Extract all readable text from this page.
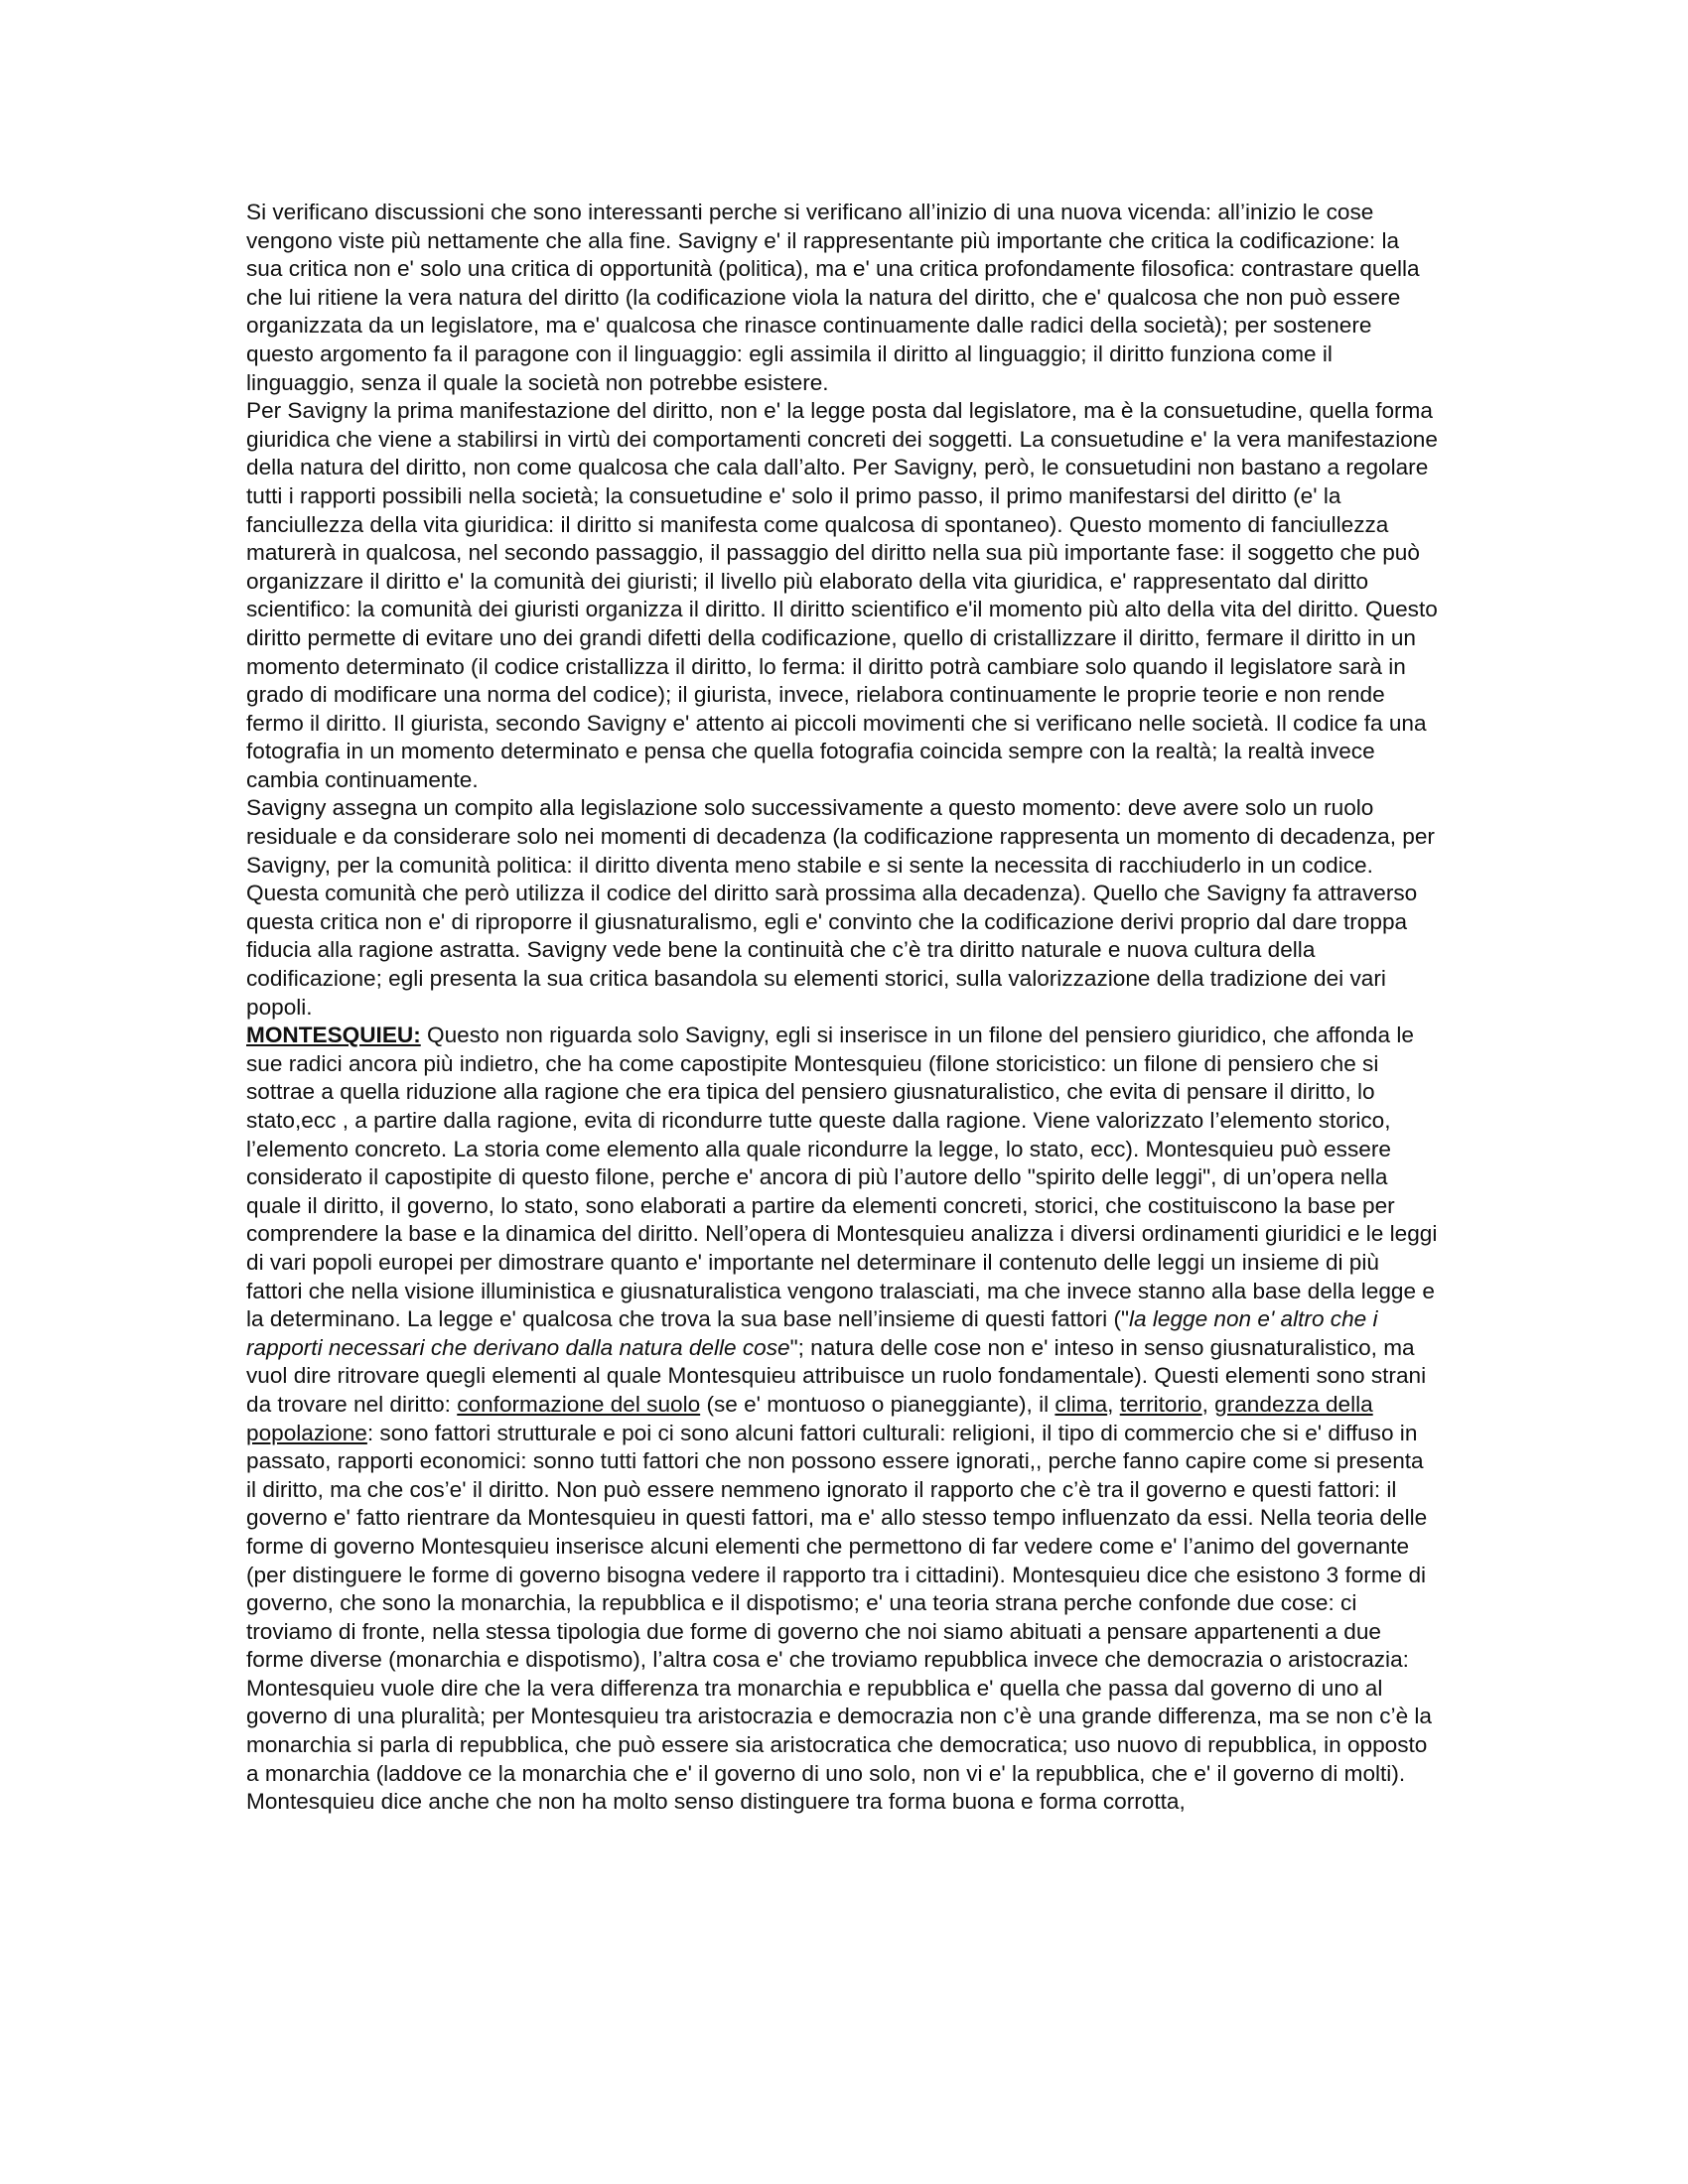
Si verificano discussioni che sono interessanti perche si verificano all’inizio di una nuova vicenda: all’inizio le cose vengono viste più nettamente che alla fine. Savigny e' il rappresentante più importante che critica la codificazione: la sua critica non e' solo una critica di opportunità (politica), ma e' una critica profondamente filosofica: contrastare quella che lui ritiene la vera natura del diritto (la codificazione viola la natura del diritto, che e' qualcosa che non può essere organizzata da un legislatore, ma e' qualcosa che rinasce continuamente dalle radici della società); per sostenere questo argomento fa il paragone con il linguaggio: egli assimila il diritto al linguaggio; il diritto funziona come il linguaggio, senza il quale la società non potrebbe esistere.

Per Savigny la prima manifestazione del diritto, non e' la legge posta dal legislatore, ma è la consuetudine, quella forma giuridica che viene a stabilirsi in virtù dei comportamenti concreti dei soggetti. La consuetudine e' la vera manifestazione della natura del diritto, non come qualcosa che cala dall’alto. Per Savigny, però, le consuetudini non bastano a regolare tutti i rapporti possibili nella società; la consuetudine e' solo il primo passo, il primo manifestarsi del diritto (e' la fanciullezza della vita giuridica: il diritto si manifesta come qualcosa di spontaneo). Questo momento di fanciullezza maturerà in qualcosa, nel secondo passaggio, il passaggio del diritto nella sua più importante fase: il soggetto che può organizzare il diritto e' la comunità dei giuristi; il livello più elaborato della vita giuridica, e' rappresentato dal diritto scientifico: la comunità dei giuristi organizza il diritto. Il diritto scientifico e'il momento più alto della vita del diritto. Questo diritto permette di evitare uno dei grandi difetti della codificazione, quello di cristallizzare il diritto, fermare il diritto in un momento determinato (il codice cristallizza il diritto, lo ferma: il diritto potrà cambiare solo quando il legislatore sarà in grado di modificare una norma del codice); il giurista, invece, rielabora continuamente le proprie teorie e non rende fermo il diritto. Il giurista, secondo Savigny e' attento ai piccoli movimenti che si verificano nelle società. Il codice fa una fotografia in un momento determinato e pensa che quella fotografia coincida sempre con la realtà; la realtà invece cambia continuamente.

Savigny assegna un compito alla legislazione solo successivamente a questo momento: deve avere solo un ruolo residuale e da considerare solo nei momenti di decadenza (la codificazione rappresenta un momento di decadenza, per Savigny, per la comunità politica: il diritto diventa meno stabile e si sente la necessita di racchiuderlo in un codice. Questa comunità che però utilizza il codice del diritto sarà prossima alla decadenza). Quello che Savigny fa attraverso questa critica non e' di riproporre il giusnaturalismo, egli e' convinto che la codificazione derivi proprio dal dare troppa fiducia alla ragione astratta. Savigny vede bene la continuità che c’è tra diritto naturale e nuova cultura della codificazione; egli presenta la sua critica basandola su elementi storici, sulla valorizzazione della tradizione dei vari popoli.

MONTESQUIEU: Questo non riguarda solo Savigny, egli si inserisce in un filone del pensiero giuridico, che affonda le sue radici ancora più indietro, che ha come capostipite Montesquieu (filone storicistico: un filone di pensiero che si sottrae a quella riduzione alla ragione che era tipica del pensiero giusnaturalistico, che evita di pensare il diritto, lo stato,ecc , a partire dalla ragione, evita di ricondurre tutte queste dalla ragione. Viene valorizzato l’elemento storico, l’elemento concreto. La storia come elemento alla quale ricondurre la legge, lo stato, ecc). Montesquieu può essere considerato il capostipite di questo filone, perche e' ancora di più l’autore dello "spirito delle leggi", di un’opera nella quale il diritto, il governo, lo stato, sono elaborati a partire da elementi concreti, storici, che costituiscono la base per comprendere la base e la dinamica del diritto. Nell’opera di Montesquieu analizza i diversi ordinamenti giuridici e le leggi di vari popoli europei per dimostrare quanto e' importante nel determinare il contenuto delle leggi un insieme di più fattori che nella visione illuministica e giusnaturalistica vengono tralasciati, ma che invece stanno alla base della legge e la determinano. La legge e' qualcosa che trova la sua base nell’insieme di questi fattori ("la legge non e' altro che i rapporti necessari che derivano dalla natura delle cose"; natura delle cose non e' inteso in senso giusnaturalistico, ma vuol dire ritrovare quegli elementi al quale Montesquieu attribuisce un ruolo fondamentale). Questi elementi sono strani da trovare nel diritto: conformazione del suolo (se e' montuoso o pianeggiante), il clima, territorio, grandezza della popolazione: sono fattori strutturale e poi ci sono alcuni fattori culturali: religioni, il tipo di commercio che si e' diffuso in passato, rapporti economici: sonno tutti fattori che non possono essere ignorati,, perche fanno capire come si presenta il diritto, ma che cos’e' il diritto. Non può essere nemmeno ignorato il rapporto che c’è tra il governo e questi fattori: il governo e' fatto rientrare da Montesquieu in questi fattori, ma e' allo stesso tempo influenzato da essi. Nella teoria delle forme di governo Montesquieu inserisce alcuni elementi che permettono di far vedere come e' l’animo del governante (per distinguere le forme di governo bisogna vedere il rapporto tra i cittadini). Montesquieu dice che esistono 3 forme di governo, che sono la monarchia, la repubblica e il dispotismo; e' una teoria strana perche confonde due cose: ci troviamo di fronte, nella stessa tipologia due forme di governo che noi siamo abituati a pensare appartenenti a due forme diverse (monarchia e dispotismo), l’altra cosa e' che troviamo repubblica invece che democrazia o aristocrazia: Montesquieu vuole dire che la vera differenza tra monarchia e repubblica e' quella che passa dal governo di uno al governo di una pluralità; per Montesquieu tra aristocrazia e democrazia non c’è una grande differenza, ma se non c’è la monarchia si parla di repubblica, che può essere sia aristocratica che democratica; uso nuovo di repubblica, in opposto a monarchia (laddove ce la monarchia che e' il governo di uno solo, non vi e' la repubblica, che e' il governo di molti). Montesquieu dice anche che non ha molto senso distinguere tra forma buona e forma corrotta,
